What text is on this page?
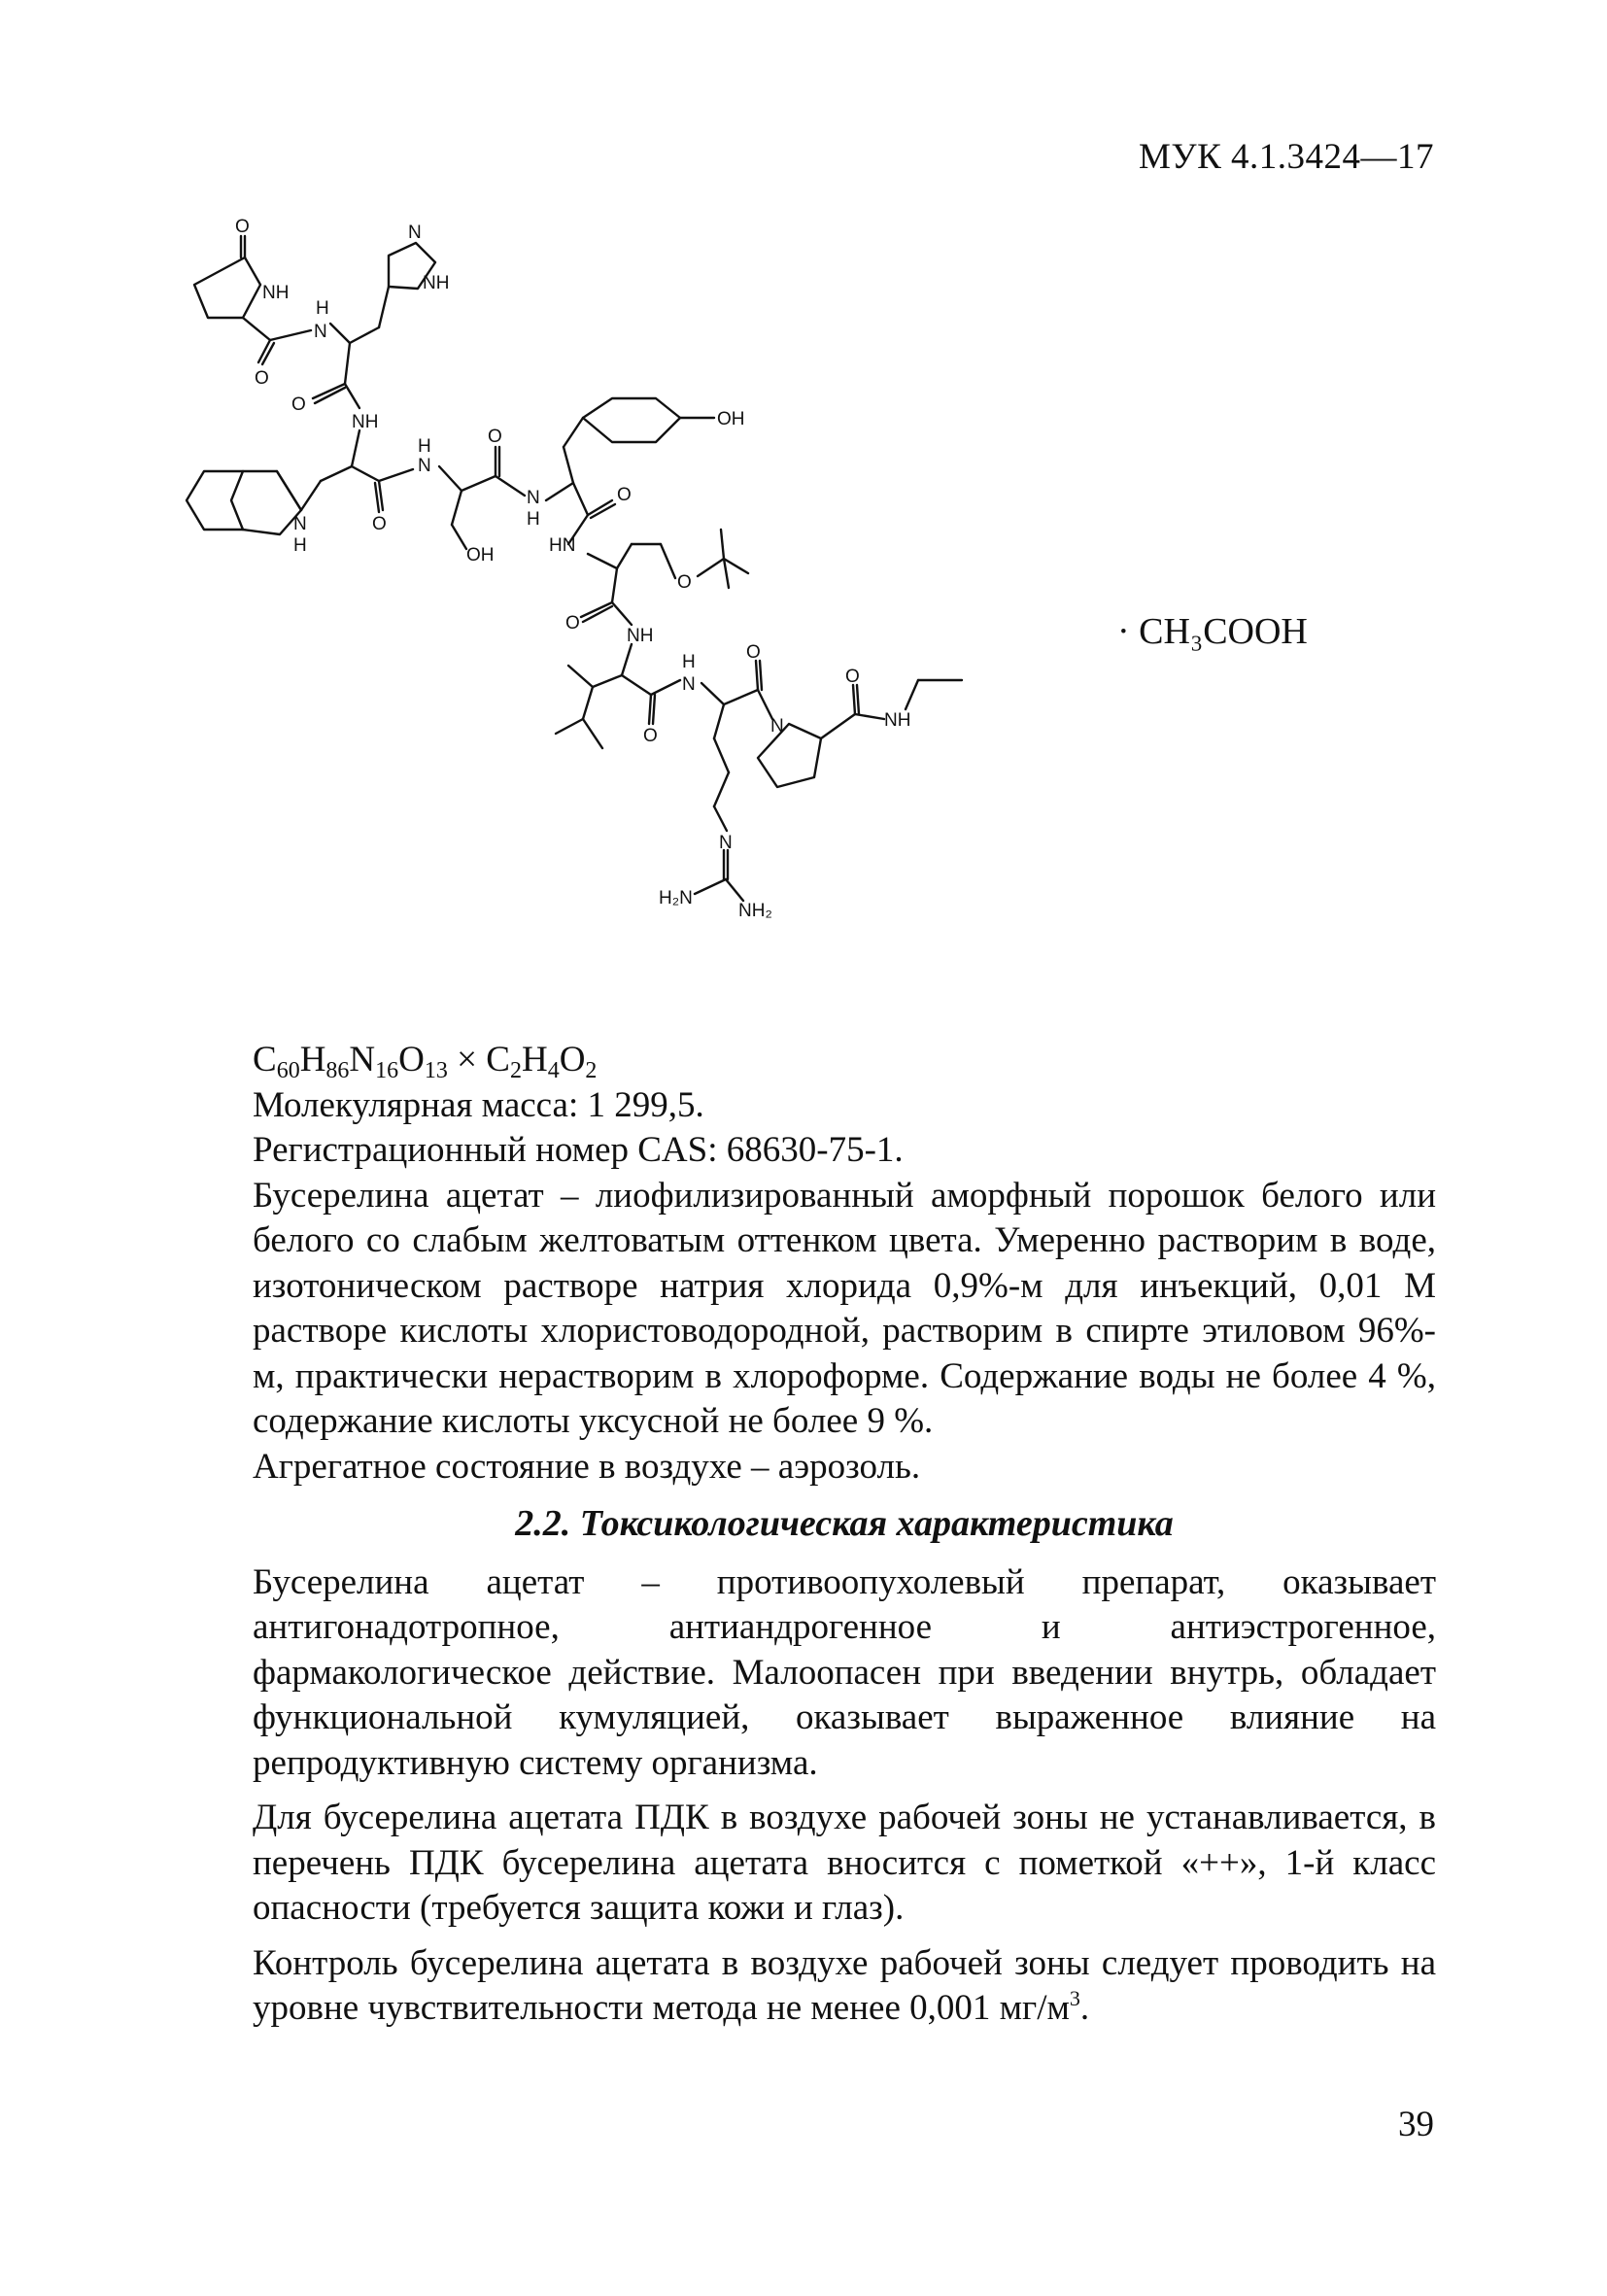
МУК 4.1.3424—17
O
NH
O
N
H
N
NH
O
NH
O
N
H
N
H
OH
O
N
H
OH
O
HN
O
O
NH
O
N
H	O
N
N
H₂N
NH₂
O
NH
· CH₃COOH

$C_{60}H_{86}N_{16}O_{13} \times C_2H_4O_2$

Молекулярная масса: 1 299,5.

Регистрационный номер CAS: 68630-75-1.

Бусерелина ацетат – лиофилизированный аморфный порошок белого или белого со слабым желтоватым оттенком цвета. Умеренно растворим в воде, изотоническом растворе натрия хлорида 0,9%-м для инъекций, 0,01 М растворе кислоты хлористоводородной, растворим в спирте этиловом 96%-м, практически нерастворим в хлороформе. Содержание воды не более 4 %, содержание кислоты уксусной не более 9 %.

Агрегатное состояние в воздухе – аэрозоль.

2.2. Токсикологическая характеристика

Бусерелина ацетат – противоопухолевый препарат, оказывает антигонадотропное, антиандрогенное и антиэстрогенное, фармакологическое действие. Малоопасен при введении внутрь, обладает функциональной кумуляцией, оказывает выраженное влияние на репродуктивную систему организма.

Для бусерелина ацетата ПДК в воздухе рабочей зоны не устанавливается, в перечень ПДК бусерелина ацетата вносится с пометкой «++», 1-й класс опасности (требуется защита кожи и глаз).

Контроль бусерелина ацетата в воздухе рабочей зоны следует проводить на уровне чувствительности метода не менее 0,001 $мг/м^3$.

39
